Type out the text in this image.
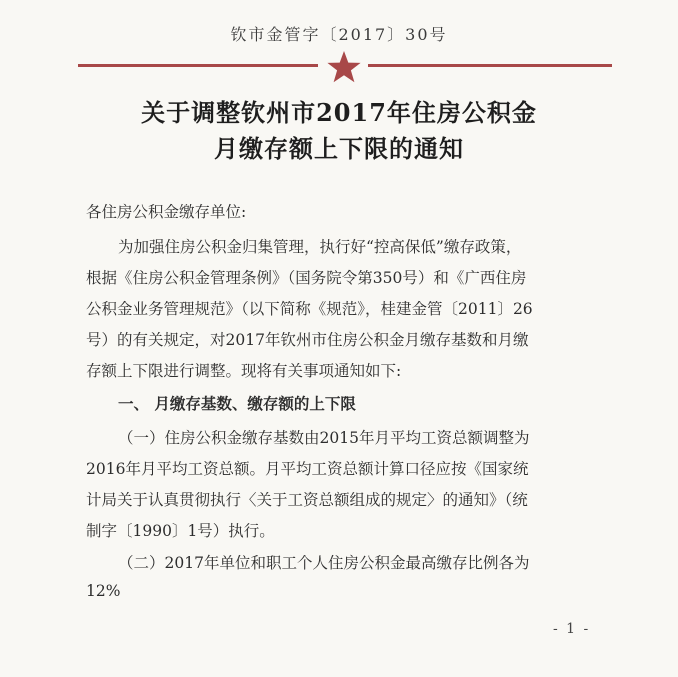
钦市金管字〔2017〕30号
关于调整钦州市2017年住房公积金
月缴存额上下限的通知
各住房公积金缴存单位:
为加强住房公积金归集管理，执行好“控高保低”缴存政策，
根据《住房公积金管理条例》（国务院令第350号）和《广西住房
公积金业务管理规范》（以下简称《规范》，桂建金管〔2011〕26
号）的有关规定，对2017年钦州市住房公积金月缴存基数和月缴
存额上下限进行调整。现将有关事项通知如下:
一、 月缴存基数、缴存额的上下限
（一）住房公积金缴存基数由2015年月平均工资总额调整为
2016年月平均工资总额。月平均工资总额计算口径应按《国家统
计局关于认真贯彻执行〈关于工资总额组成的规定〉的通知》（统
制字〔1990〕1号）执行。
（二）2017年单位和职工个人住房公积金最高缴存比例各为
12%
- 1 -
